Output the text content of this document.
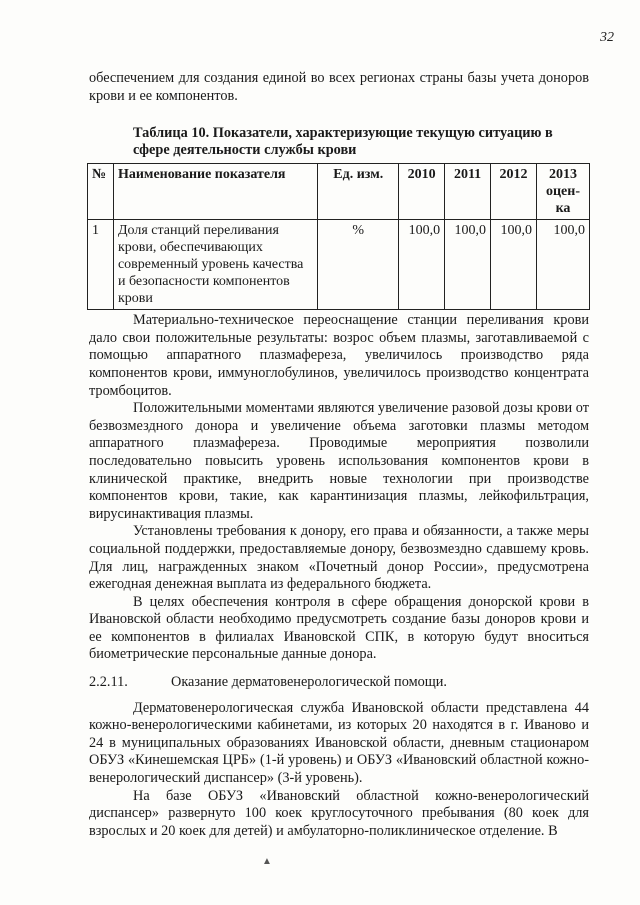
32

обеспечением для создания единой во всех регионах страны базы учета доноров крови и ее компонентов.

Таблица 10. Показатели, характеризующие текущую ситуацию в сфере деятельности службы крови
№	Наименование показателя	Ед. изм.	2010	2011	2012	2013 оцен-ка
1	Доля станций переливания крови, обеспечивающих современный уровень качества и безопасности компонентов крови	%	100,0	100,0	100,0	100,0

Материально-техническое переоснащение станции переливания крови дало свои положительные результаты: возрос объем плазмы, заготавливаемой с помощью аппаратного плазмафереза, увеличилось производство ряда компонентов крови, иммуноглобулинов, увеличилось производство концентрата тромбоцитов.

Положительными моментами являются увеличение разовой дозы крови от безвозмездного донора и увеличение объема заготовки плазмы методом аппаратного плазмафереза. Проводимые мероприятия позволили последовательно повысить уровень использования компонентов крови в клинической практике, внедрить новые технологии при производстве компонентов крови, такие, как карантинизация плазмы, лейкофильтрация, вирусинактивация плазмы.

Установлены требования к донору, его права и обязанности, а также меры социальной поддержки, предоставляемые донору, безвозмездно сдавшему кровь. Для лиц, награжденных знаком «Почетный донор России», предусмотрена ежегодная денежная выплата из федерального бюджета.

В целях обеспечения контроля в сфере обращения донорской крови в Ивановской области необходимо предусмотреть создание базы доноров крови и ее компонентов в филиалах Ивановской СПК, в которую будут вноситься биометрические персональные данные донора.

2.2.11.	Оказание дерматовенерологической помощи.

Дерматовенерологическая служба Ивановской области представлена 44 кожно-венерологическими кабинетами, из которых 20 находятся в г. Иваново и 24 в муниципальных образованиях Ивановской области, дневным стационаром ОБУЗ «Кинешемская ЦРБ» (1-й уровень) и ОБУЗ «Ивановский областной кожно-венерологический диспансер» (3-й уровень).

На базе ОБУЗ «Ивановский областной кожно-венерологический диспансер» развернуто 100 коек круглосуточного пребывания (80 коек для взрослых и 20 коек для детей) и амбулаторно-поликлиническое отделение. В

▲
